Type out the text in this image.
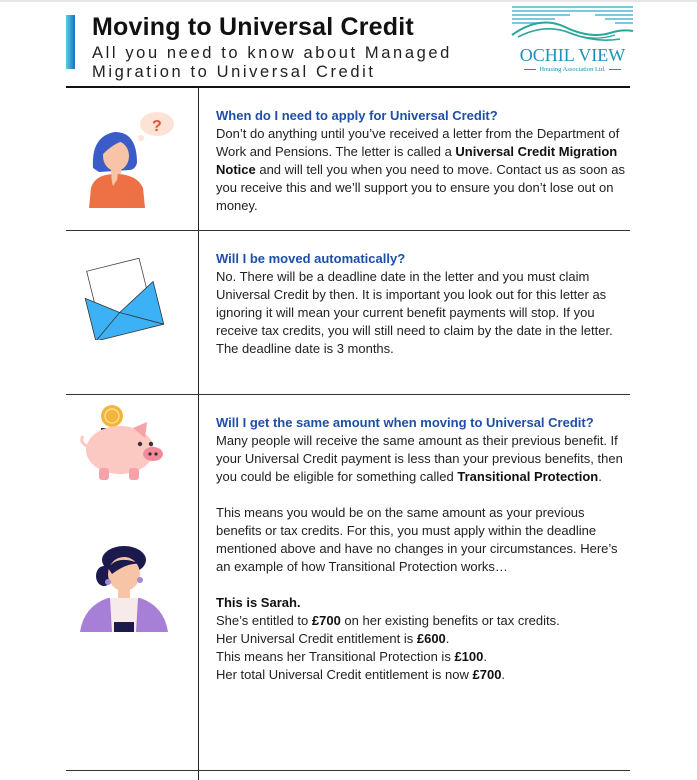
Moving to Universal Credit
All you need to know about Managed Migration to Universal Credit
OCHIL VIEW
Housing Association Ltd.
?

When do I need to apply for Universal Credit?

Don’t do anything until you’ve received a letter from the Department of Work and Pensions. The letter is called a Universal Credit Migration Notice and will tell you when you need to move. Contact us as soon as you receive this and we’ll support you to ensure you don’t lose out on money.

Will I be moved automatically?

No. There will be a deadline date in the letter and you must claim Universal Credit by then. It is important you look out for this letter as ignoring it will mean your current benefit payments will stop. If you receive tax credits, you will still need to claim by the date in the letter. The deadline date is 3 months.

Will I get the same amount when moving to Universal Credit?

Many people will receive the same amount as their previous benefit. If your Universal Credit payment is less than your previous benefits, then you could be eligible for something called Transitional Protection.

This means you would be on the same amount as your previous benefits or tax credits. For this, you must apply within the deadline mentioned above and have no changes in your circumstances. Here’s an example of how Transitional Protection works…

This is Sarah.

She’s entitled to £700 on her existing benefits or tax credits.

Her Universal Credit entitlement is £600.

This means her Transitional Protection is £100.

Her total Universal Credit entitlement is now £700.
